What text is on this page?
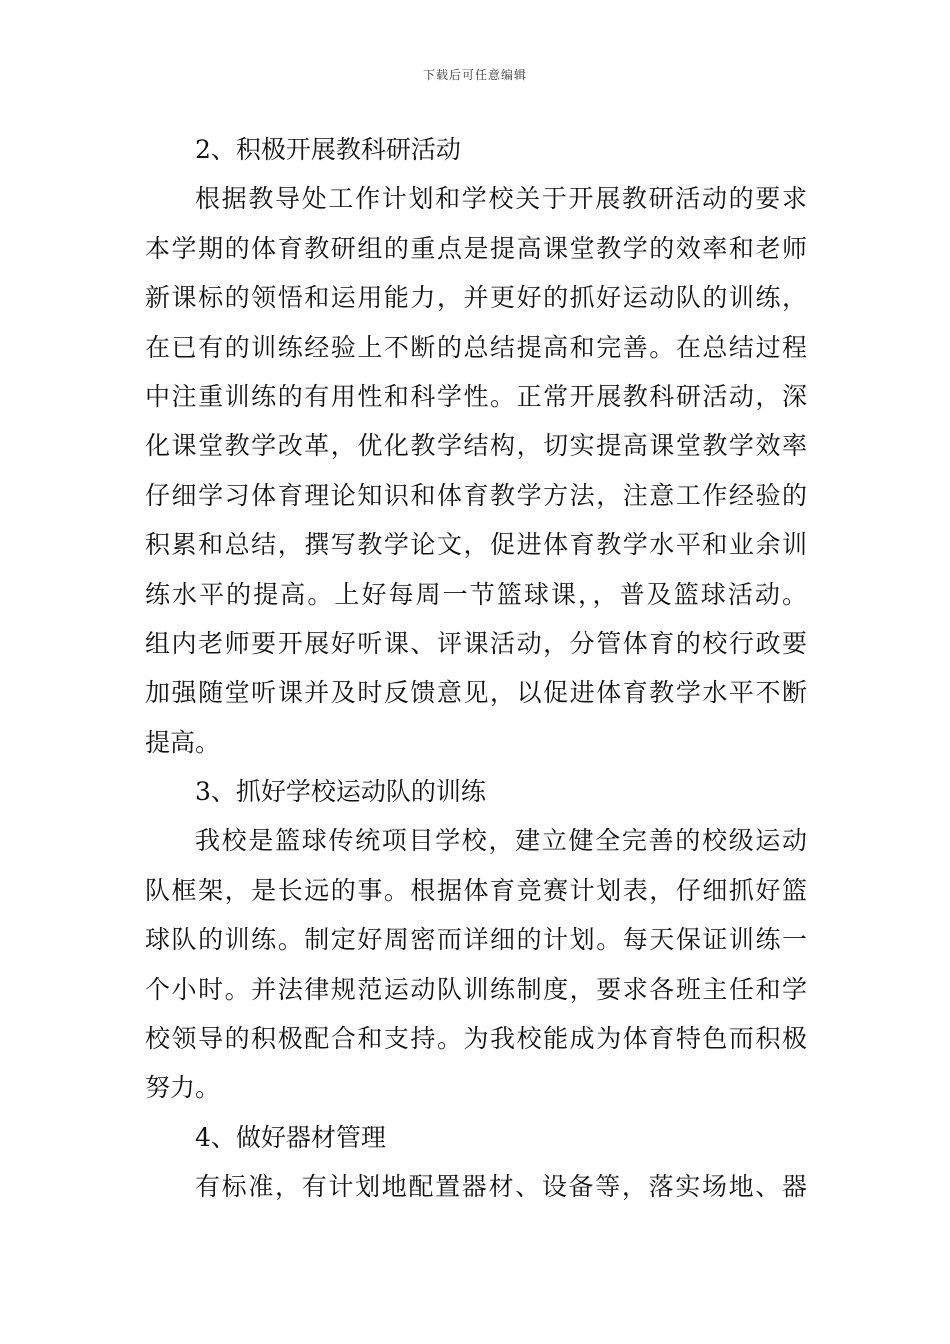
下载后可任意编辑
2、积极开展教科研活动
根据教导处工作计划和学校关于开展教研活动的要求
本学期的体育教研组的重点是提高课堂教学的效率和老师
新课标的领悟和运用能力，并更好的抓好运动队的训练，
在已有的训练经验上不断的总结提高和完善。在总结过程
中注重训练的有用性和科学性。正常开展教科研活动，深
化课堂教学改革，优化教学结构，切实提高课堂教学效率
仔细学习体育理论知识和体育教学方法，注意工作经验的
积累和总结，撰写教学论文，促进体育教学水平和业余训
练水平的提高。上好每周一节篮球课，，普及篮球活动。
组内老师要开展好听课、评课活动，分管体育的校行政要
加强随堂听课并及时反馈意见，以促进体育教学水平不断
提高。
3、抓好学校运动队的训练
我校是篮球传统项目学校，建立健全完善的校级运动
队框架，是长远的事。根据体育竞赛计划表，仔细抓好篮
球队的训练。制定好周密而详细的计划。每天保证训练一
个小时。并法律规范运动队训练制度，要求各班主任和学
校领导的积极配合和支持。为我校能成为体育特色而积极
努力。
4、做好器材管理
有标准，有计划地配置器材、设备等，落实场地、器
